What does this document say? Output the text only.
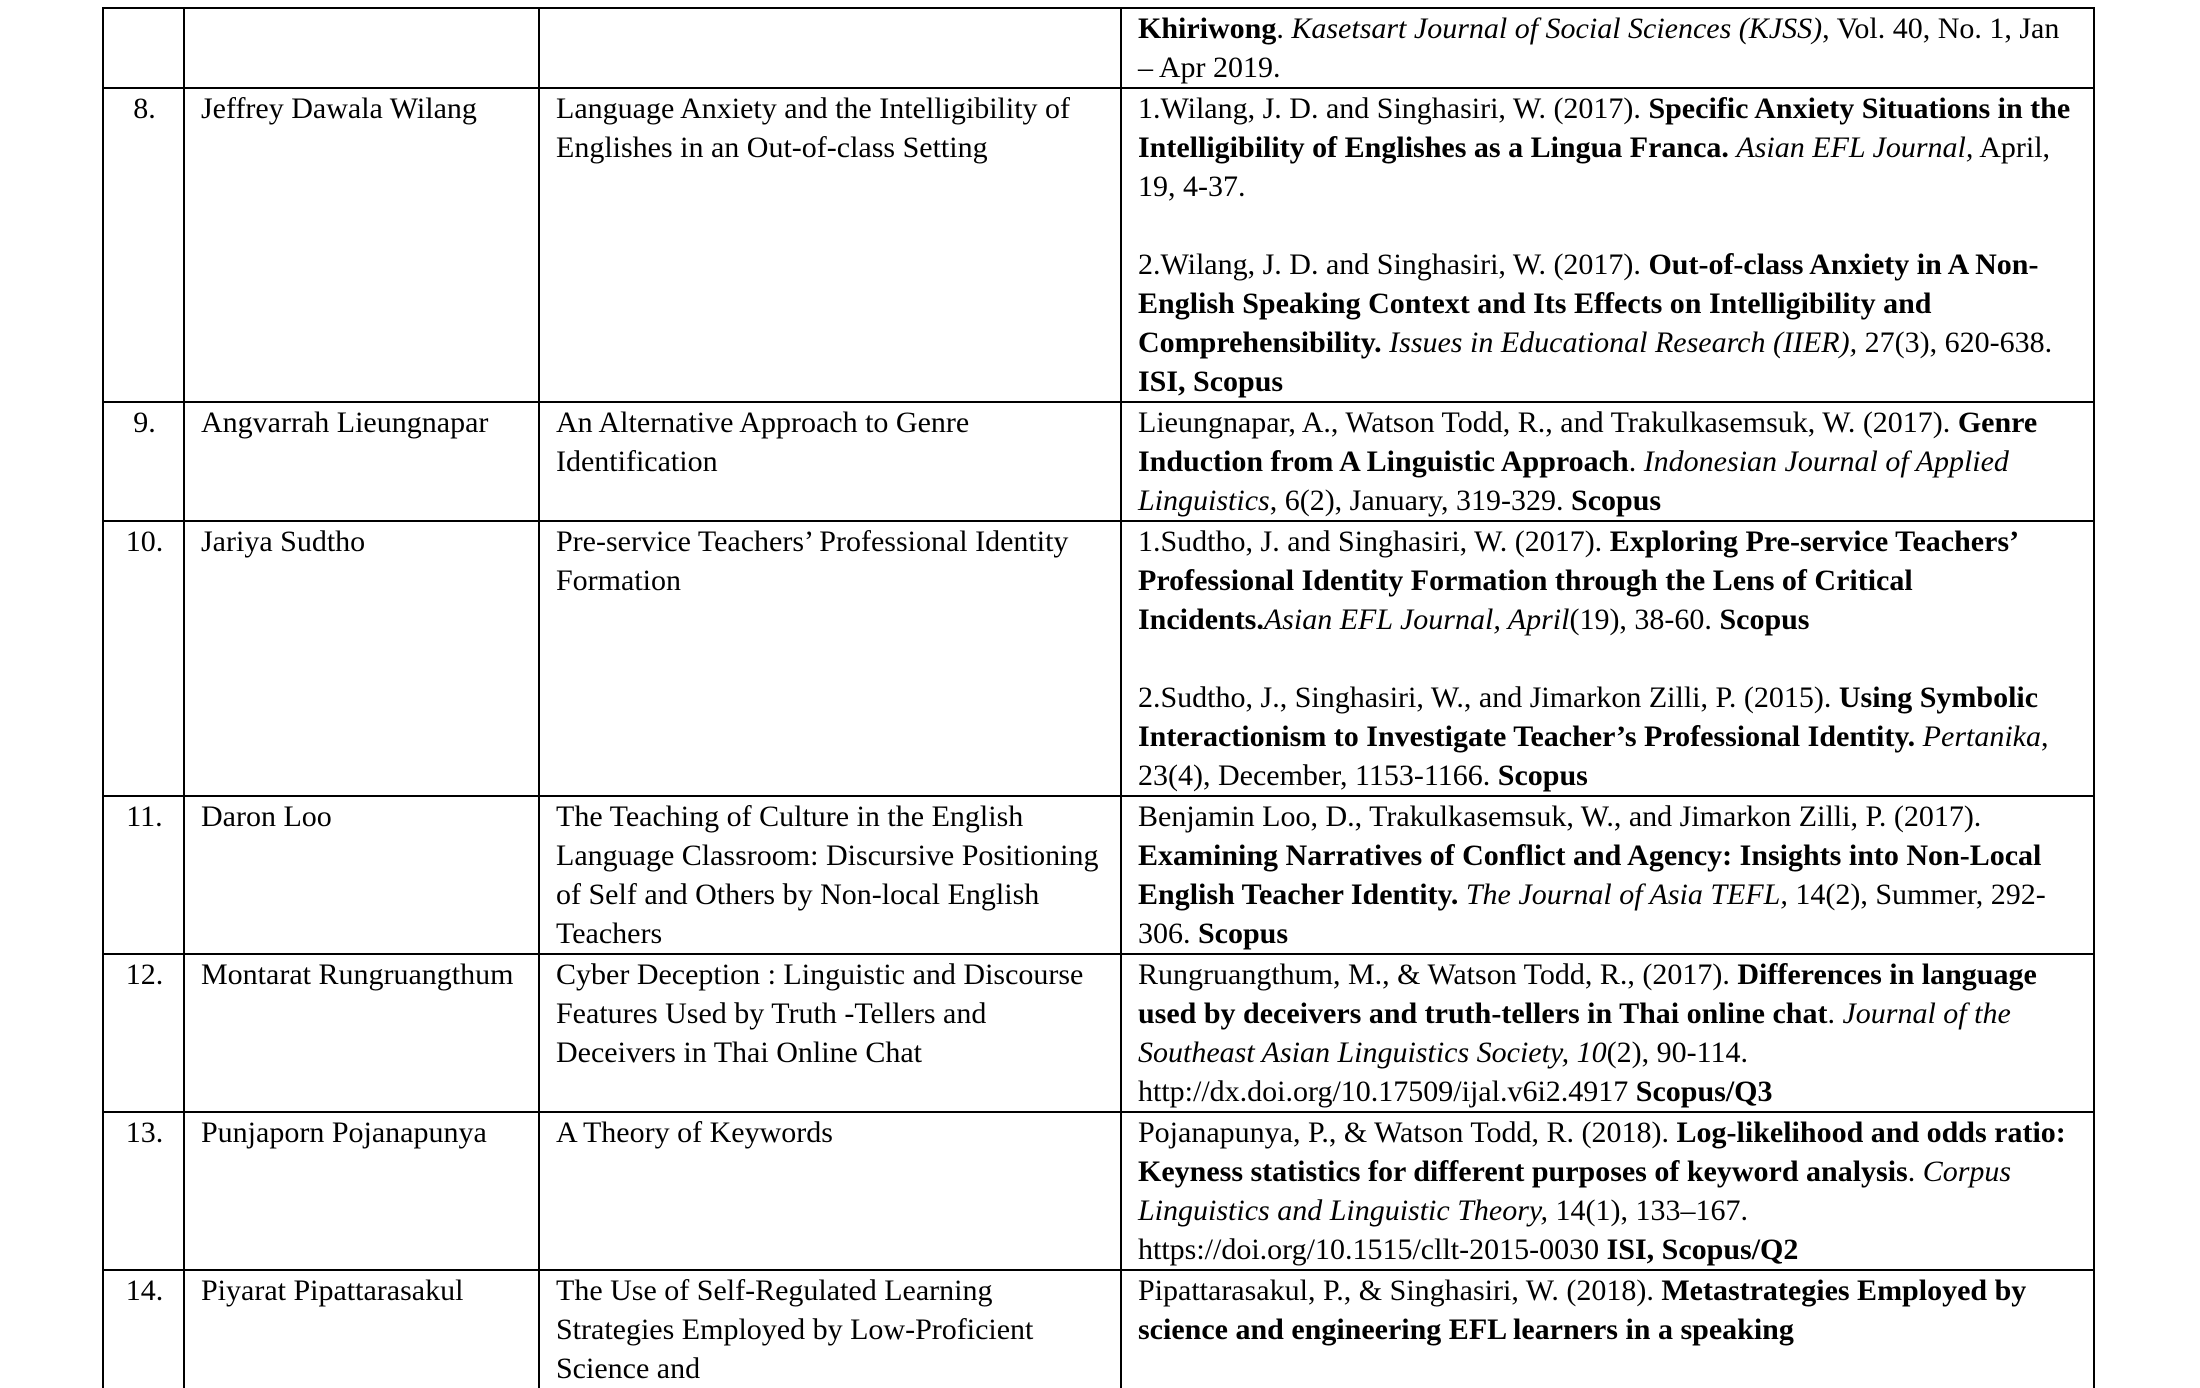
			Khiriwong. Kasetsart Journal of Social Sciences (KJSS), Vol. 40, No. 1, Jan – Apr 2019.

8.	Jeffrey Dawala Wilang	Language Anxiety and the Intelligibility of Englishes in an Out-of-class Setting	1.Wilang, J. D. and Singhasiri, W. (2017). Specific Anxiety Situations in the Intelligibility of Englishes as a Lingua Franca. Asian EFL Journal, April, 19, 4-37.
2.Wilang, J. D. and Singhasiri, W. (2017). Out-of-class Anxiety in A Non-English Speaking Context and Its Effects on Intelligibility and Comprehensibility. Issues in Educational Research (IIER), 27(3), 620-638. ISI, Scopus

9.	Angvarrah Lieungnapar	An Alternative Approach to Genre Identification	Lieungnapar, A., Watson Todd, R., and Trakulkasemsuk, W. (2017). Genre Induction from A Linguistic Approach. Indonesian Journal of Applied Linguistics, 6(2), January, 319-329. Scopus

10.	Jariya Sudtho	Pre-service Teachers’ Professional Identity Formation	1.Sudtho, J. and Singhasiri, W. (2017). Exploring Pre-service Teachers’ Professional Identity Formation through the Lens of Critical Incidents.Asian EFL Journal, April(19), 38-60. Scopus
2.Sudtho, J., Singhasiri, W., and Jimarkon Zilli, P. (2015). Using Symbolic Interactionism to Investigate Teacher’s Professional Identity. Pertanika, 23(4), December, 1153-1166. Scopus

11.	Daron Loo	The Teaching of Culture in the English Language Classroom: Discursive Positioning of Self and Others by Non-local English Teachers	Benjamin Loo, D., Trakulkasemsuk, W., and Jimarkon Zilli, P. (2017). Examining Narratives of Conflict and Agency: Insights into Non-Local English Teacher Identity. The Journal of Asia TEFL, 14(2), Summer, 292-306. Scopus

12.	Montarat Rungruangthum	Cyber Deception : Linguistic and Discourse Features Used by Truth -Tellers and Deceivers in Thai Online Chat	Rungruangthum, M., & Watson Todd, R., (2017). Differences in language used by deceivers and truth-tellers in Thai online chat. Journal of the Southeast Asian Linguistics Society, 10(2), 90-114. http://dx.doi.org/10.17509/ijal.v6i2.4917 Scopus/Q3

13.	Punjaporn Pojanapunya	A Theory of Keywords	Pojanapunya, P., & Watson Todd, R. (2018). Log-likelihood and odds ratio: Keyness statistics for different purposes of keyword analysis. Corpus Linguistics and Linguistic Theory, 14(1), 133–167. https://doi.org/10.1515/cllt-2015-0030 ISI, Scopus/Q2

14.	Piyarat Pipattarasakul	The Use of Self-Regulated Learning Strategies Employed by Low-Proficient Science and	Pipattarasakul, P., & Singhasiri, W. (2018). Metastrategies Employed by science and engineering EFL learners in a speaking
